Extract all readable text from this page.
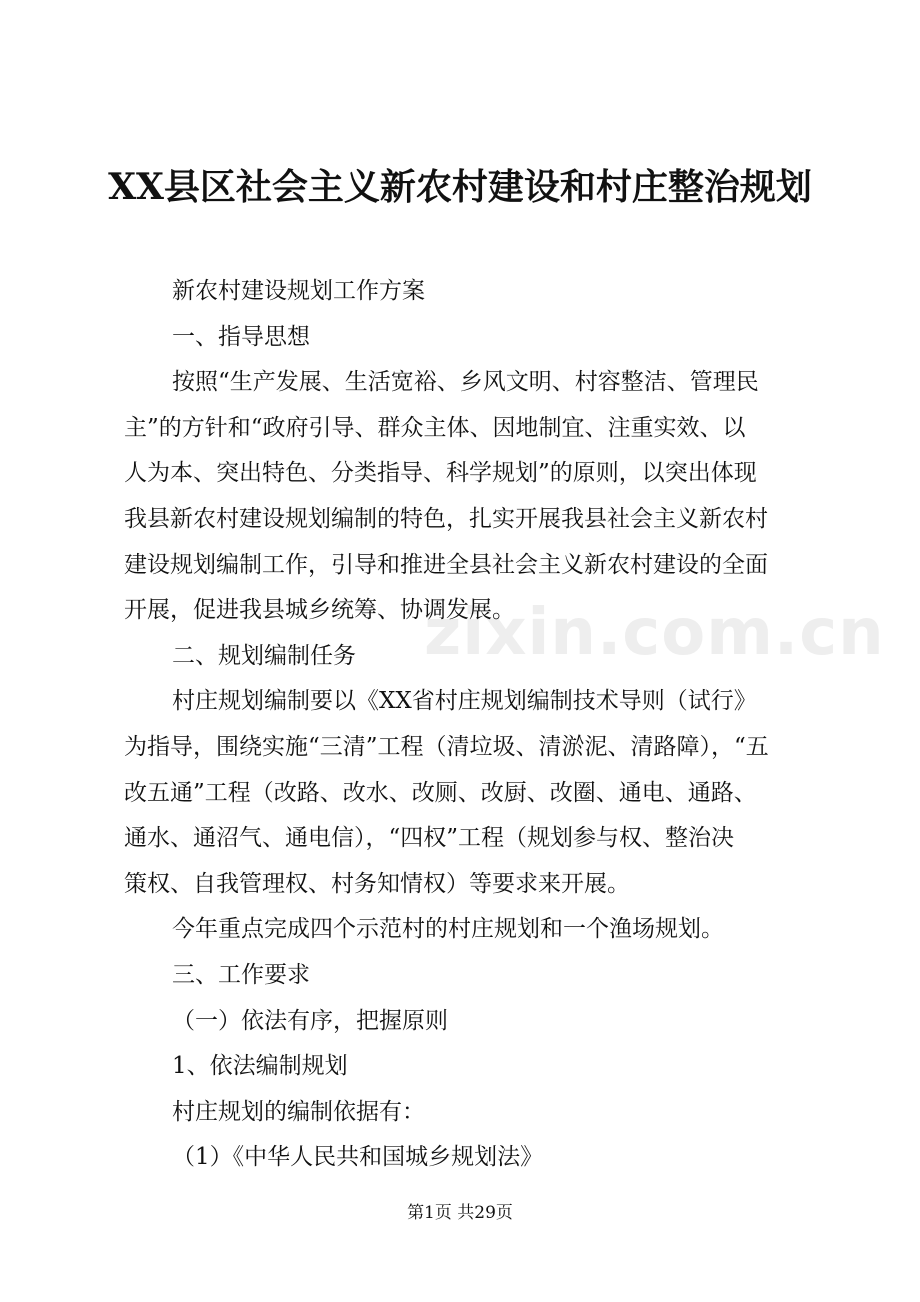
zixin.com.cn
XX县区社会主义新农村建设和村庄整治规划
新农村建设规划工作方案
一、指导思想
按照“生产发展、生活宽裕、乡风文明、村容整洁、管理民
主”的方针和“政府引导、群众主体、因地制宜、注重实效、以
人为本、突出特色、分类指导、科学规划”的原则，以突出体现
我县新农村建设规划编制的特色，扎实开展我县社会主义新农村
建设规划编制工作，引导和推进全县社会主义新农村建设的全面
开展，促进我县城乡统筹、协调发展。
二、规划编制任务
村庄规划编制要以《XX省村庄规划编制技术导则（试行》
为指导，围绕实施“三清”工程（清垃圾、清淤泥、清路障），“五
改五通”工程（改路、改水、改厕、改厨、改圈、通电、通路、
通水、通沼气、通电信），“四权”工程（规划参与权、整治决
策权、自我管理权、村务知情权）等要求来开展。
今年重点完成四个示范村的村庄规划和一个渔场规划。
三、工作要求
（一）依法有序，把握原则
1、依法编制规划
村庄规划的编制依据有：
（1）《中华人民共和国城乡规划法》
第1页 共29页
